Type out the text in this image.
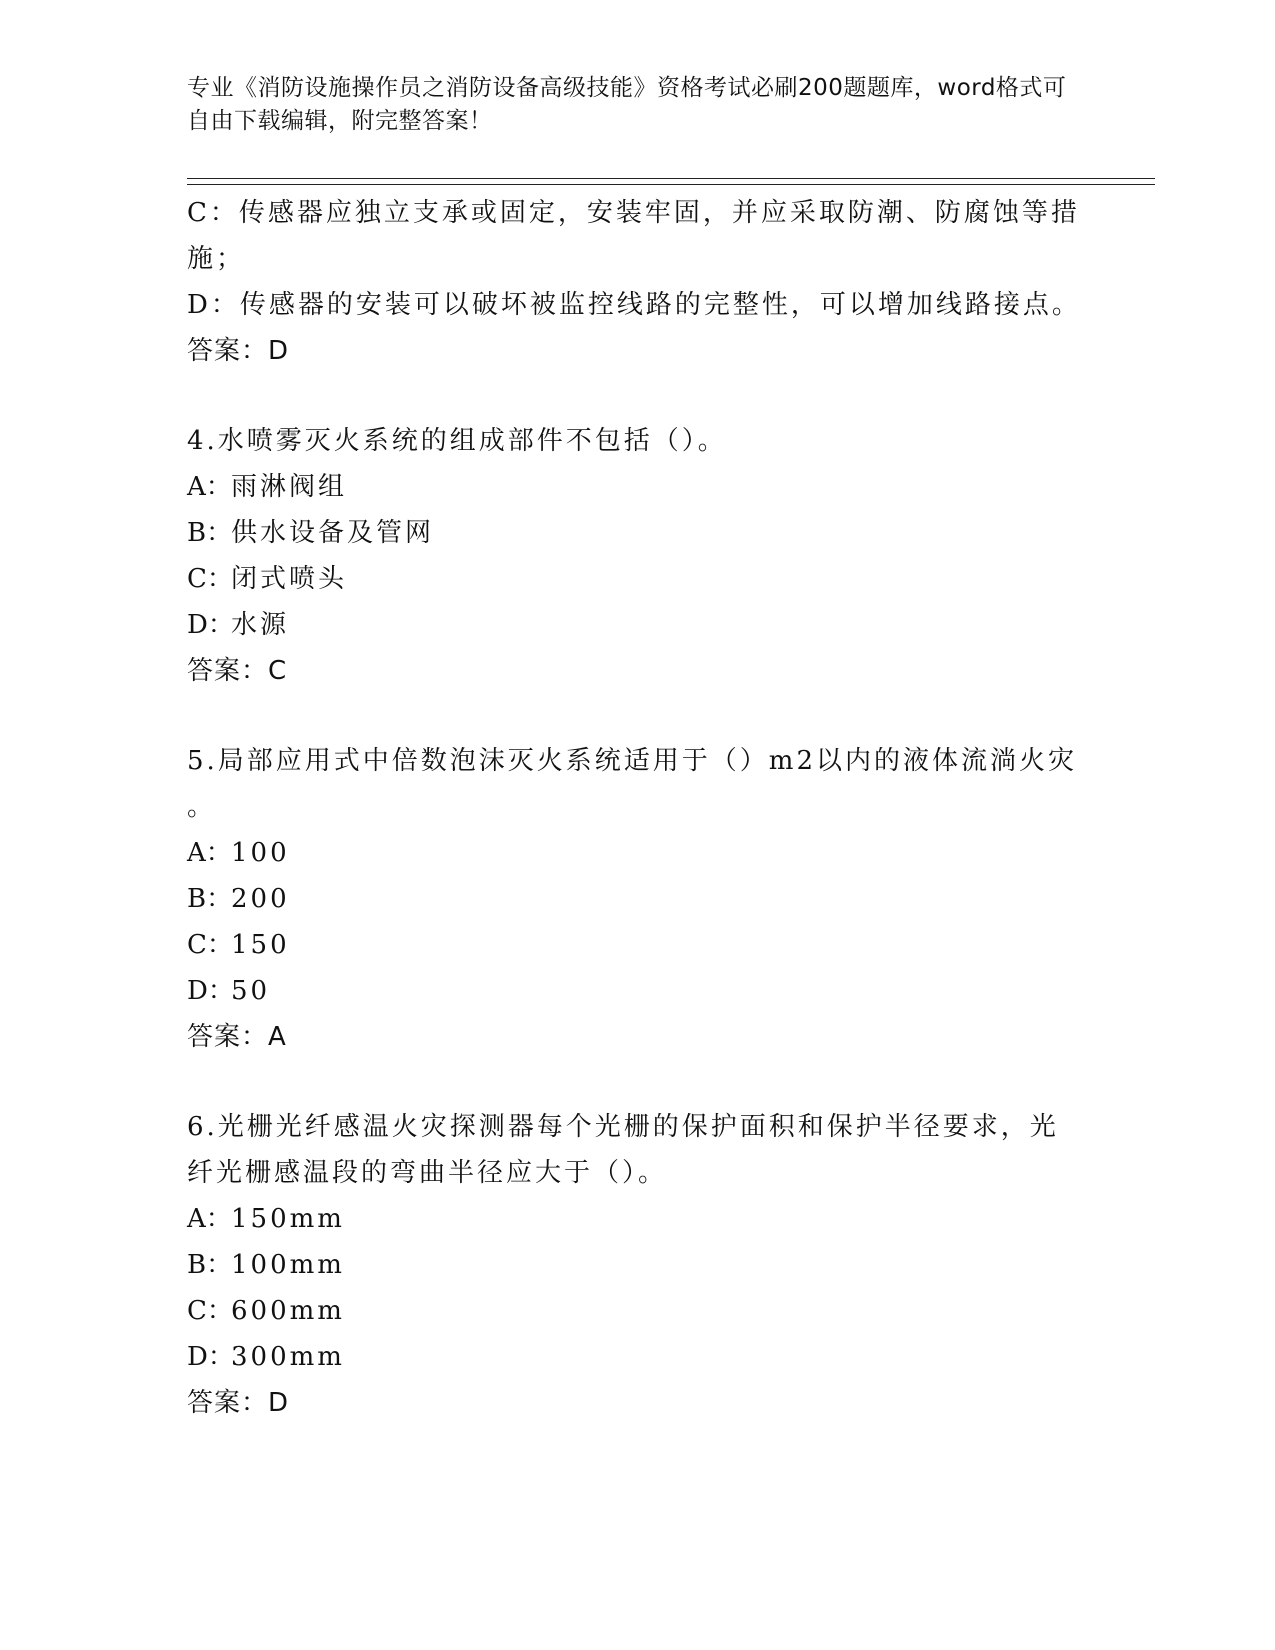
专业《消防设施操作员之消防设备高级技能》资格考试必刷200题题库，word格式可自由下载编辑，附完整答案！
C：传感器应独立支承或固定，安装牢固，并应采取防潮、防腐蚀等措
施；
D：传感器的安装可以破坏被监控线路的完整性，可以增加线路接点。
答案：D
4.水喷雾灭火系统的组成部件不包括（）。
A：雨淋阀组
B：供水设备及管网
C：闭式喷头
D：水源
答案：C
5.局部应用式中倍数泡沫灭火系统适用于（）m2以内的液体流淌火灾
。
A：100
B：200
C：150
D：50
答案：A
6.光栅光纤感温火灾探测器每个光栅的保护面积和保护半径要求，光
纤光栅感温段的弯曲半径应大于（）。
A：150mm
B：100mm
C：600mm
D：300mm
答案：D
